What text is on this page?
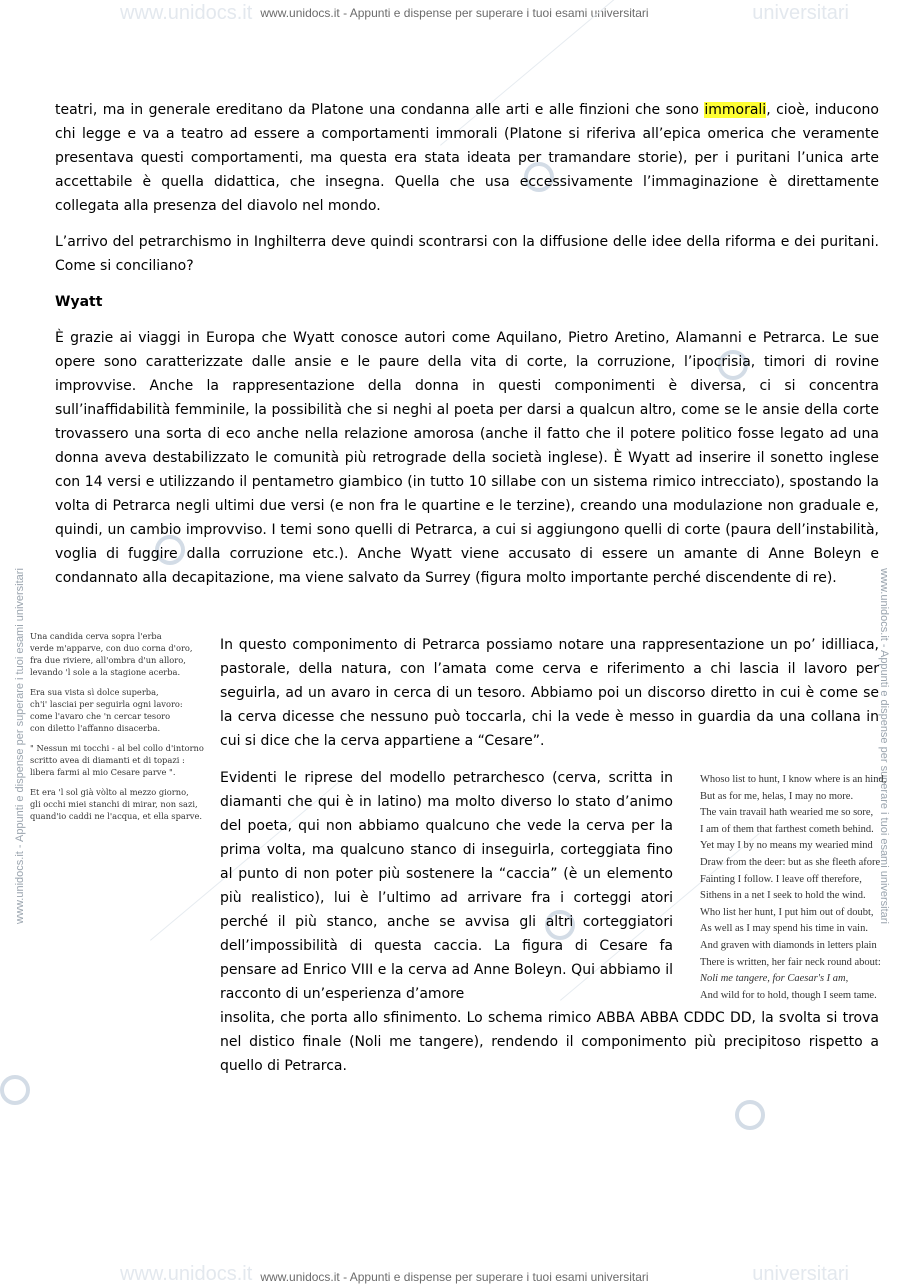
www.unidocs.it	universitari
www.unidocs.it	universitari
www.unidocs.it - Appunti e dispense per superare i tuoi esami universitari
www.unidocs.it - Appunti e dispense per superare i tuoi esami universitari
www.unidocs.it - Appunti e dispense per superare i tuoi esami universitari	www.unidocs.it - Appunti e dispense per superare i tuoi esami universitari

teatri, ma in generale ereditano da Platone una condanna alle arti e alle finzioni che sono immorali, cioè, inducono chi legge e va a teatro ad essere a comportamenti immorali (Platone si riferiva all’epica omerica che veramente presentava questi comportamenti, ma questa era stata ideata per tramandare storie), per i puritani l’unica arte accettabile è quella didattica, che insegna. Quella che usa eccessivamente l’immaginazione è direttamente collegata alla presenza del diavolo nel mondo.

L’arrivo del petrarchismo in Inghilterra deve quindi scontrarsi con la diffusione delle idee della riforma e dei puritani. Come si conciliano?

Wyatt

È grazie ai viaggi in Europa che Wyatt conosce autori come Aquilano, Pietro Aretino, Alamanni e Petrarca. Le sue opere sono caratterizzate dalle ansie e le paure della vita di corte, la corruzione, l’ipocrisia, timori di rovine improvvise. Anche la rappresentazione della donna in questi componimenti è diversa, ci si concentra sull’inaffidabilità femminile, la possibilità che si neghi al poeta per darsi a qualcun altro, come se le ansie della corte trovassero una sorta di eco anche nella relazione amorosa (anche il fatto che il potere politico fosse legato ad una donna aveva destabilizzato le comunità più retrograde della società inglese). È Wyatt ad inserire il sonetto inglese con 14 versi e utilizzando il pentametro giambico (in tutto 10 sillabe con un sistema rimico intrecciato), spostando la volta di Petrarca negli ultimi due versi (e non fra le quartine e le terzine), creando una modulazione non graduale e, quindi, un cambio improvviso. I temi sono quelli di Petrarca, a cui si aggiungono quelli di corte (paura dell’instabilità, voglia di fuggire dalla corruzione etc.). Anche Wyatt viene accusato di essere un amante di Anne Boleyn e condannato alla decapitazione, ma viene salvato da Surrey (figura molto importante perché discendente di re).

Una candida cerva sopra l'erba
verde m'apparve, con duo corna d'oro,
fra due riviere, all'ombra d'un alloro,
levando 'l sole a la stagione acerba.
Era sua vista sì dolce superba,
ch'i' lasciai per seguirla ogni lavoro:
come l'avaro che 'n cercar tesoro
con diletto l'affanno disacerba.
" Nessun mi tocchi - al bel collo d'intorno
scritto avea di diamanti et di topazi :
libera farmi al mio Cesare parve ".
Et era 'l sol già vòlto al mezzo giorno,
gli occhi miei stanchi di mirar, non sazi,
quand'io caddi ne l'acqua, et ella sparve.
In questo componimento di Petrarca possiamo notare una rappresentazione un po’ idilliaca, pastorale, della natura, con l’amata come cerva e riferimento a chi lascia il lavoro per seguirla, ad un avaro in cerca di un tesoro. Abbiamo poi un discorso diretto in cui è come se la cerva dicesse che nessuno può toccarla, chi la vede è messo in guardia da una collana in cui si dice che la cerva appartiene a “Cesare”.
Evidenti le riprese del modello petrarchesco (cerva, scritta in diamanti che qui è in latino) ma molto diverso lo stato d’animo del poeta, qui non abbiamo qualcuno che vede la cerva per la prima volta, ma qualcuno stanco di inseguirla, corteggiata fino al punto di non poter più sostenere la “caccia” (è un elemento più realistico), lui è l’ultimo ad arrivare fra i corteggi atori perché il più stanco, anche se avvisa gli altri corteggiatori dell’impossibilità di questa caccia. La figura di Cesare fa pensare ad Enrico VIII e la cerva ad Anne Boleyn. Qui abbiamo il racconto di un’esperienza d’amore
Whoso list to hunt, I know where is an hind,
But as for me, helas, I may no more.
The vain travail hath wearied me so sore,
I am of them that farthest cometh behind.
Yet may I by no means my wearied mind
Draw from the deer: but as she fleeth afore
Fainting I follow. I leave off therefore,
Sithens in a net I seek to hold the wind.
Who list her hunt, I put him out of doubt,
As well as I may spend his time in vain.
And graven with diamonds in letters plain
There is written, her fair neck round about:
Noli me tangere, for Caesar's I am,
And wild for to hold, though I seem tame.
insolita, che porta allo sfinimento. Lo schema rimico ABBA ABBA CDDC DD, la svolta si trova nel distico finale (Noli me tangere), rendendo il componimento più precipitoso rispetto a quello di Petrarca.
